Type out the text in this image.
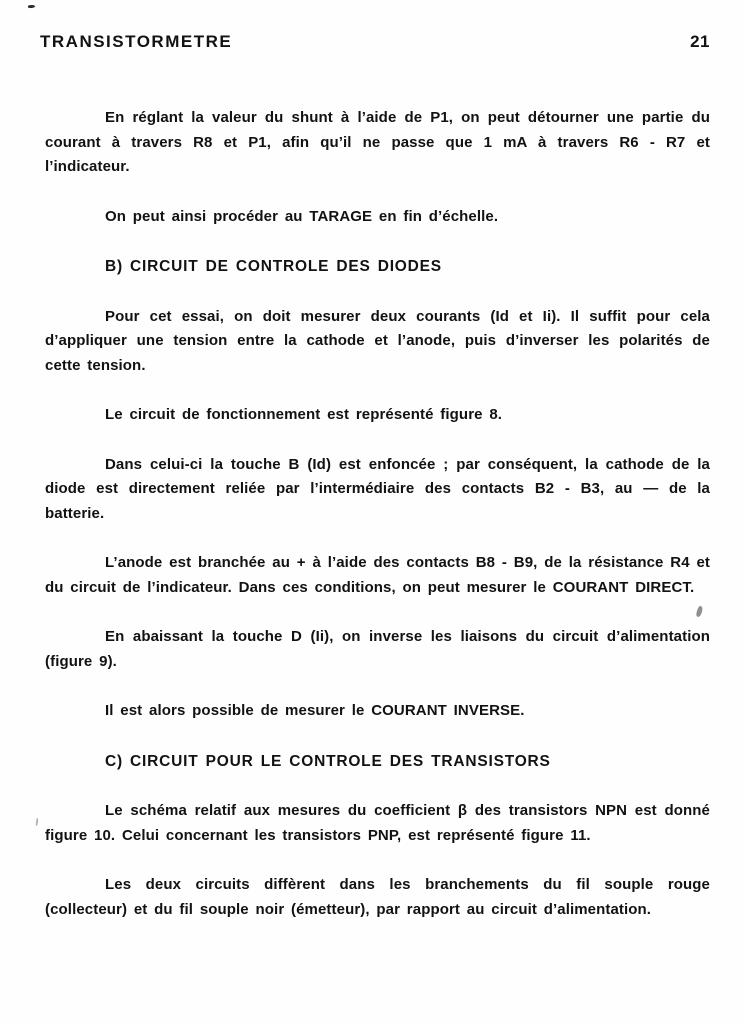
TRANSISTORMETRE	21

En réglant la valeur du shunt à l’aide de P1, on peut détourner une partie du courant à travers R8 et P1, afin qu’il ne passe que 1 mA à travers R6 - R7 et l’indicateur.

On peut ainsi procéder au TARAGE en fin d’échelle.

B) CIRCUIT DE CONTROLE DES DIODES

Pour cet essai, on doit mesurer deux courants (Id et Ii). Il suffit pour cela d’appliquer une tension entre la cathode et l’anode, puis d’inverser les polarités de cette tension.

Le circuit de fonctionnement est représenté figure 8.

Dans celui-ci la touche B (Id) est enfoncée ; par conséquent, la cathode de la diode est directement reliée par l’intermédiaire des contacts B2 - B3, au — de la batterie.

L’anode est branchée au + à l’aide des contacts B8 - B9, de la résistance R4 et du circuit de l’indicateur. Dans ces conditions, on peut mesurer le COURANT DIRECT.

En abaissant la touche D (Ii), on inverse les liaisons du circuit d’alimentation (figure 9).

Il est alors possible de mesurer le COURANT INVERSE.

C) CIRCUIT POUR LE CONTROLE DES TRANSISTORS

Le schéma relatif aux mesures du coefficient β des transistors NPN est donné figure 10. Celui concernant les transistors PNP, est représenté figure 11.

Les deux circuits diffèrent dans les branchements du fil souple rouge (collecteur) et du fil souple noir (émetteur), par rapport au circuit d’alimentation.
